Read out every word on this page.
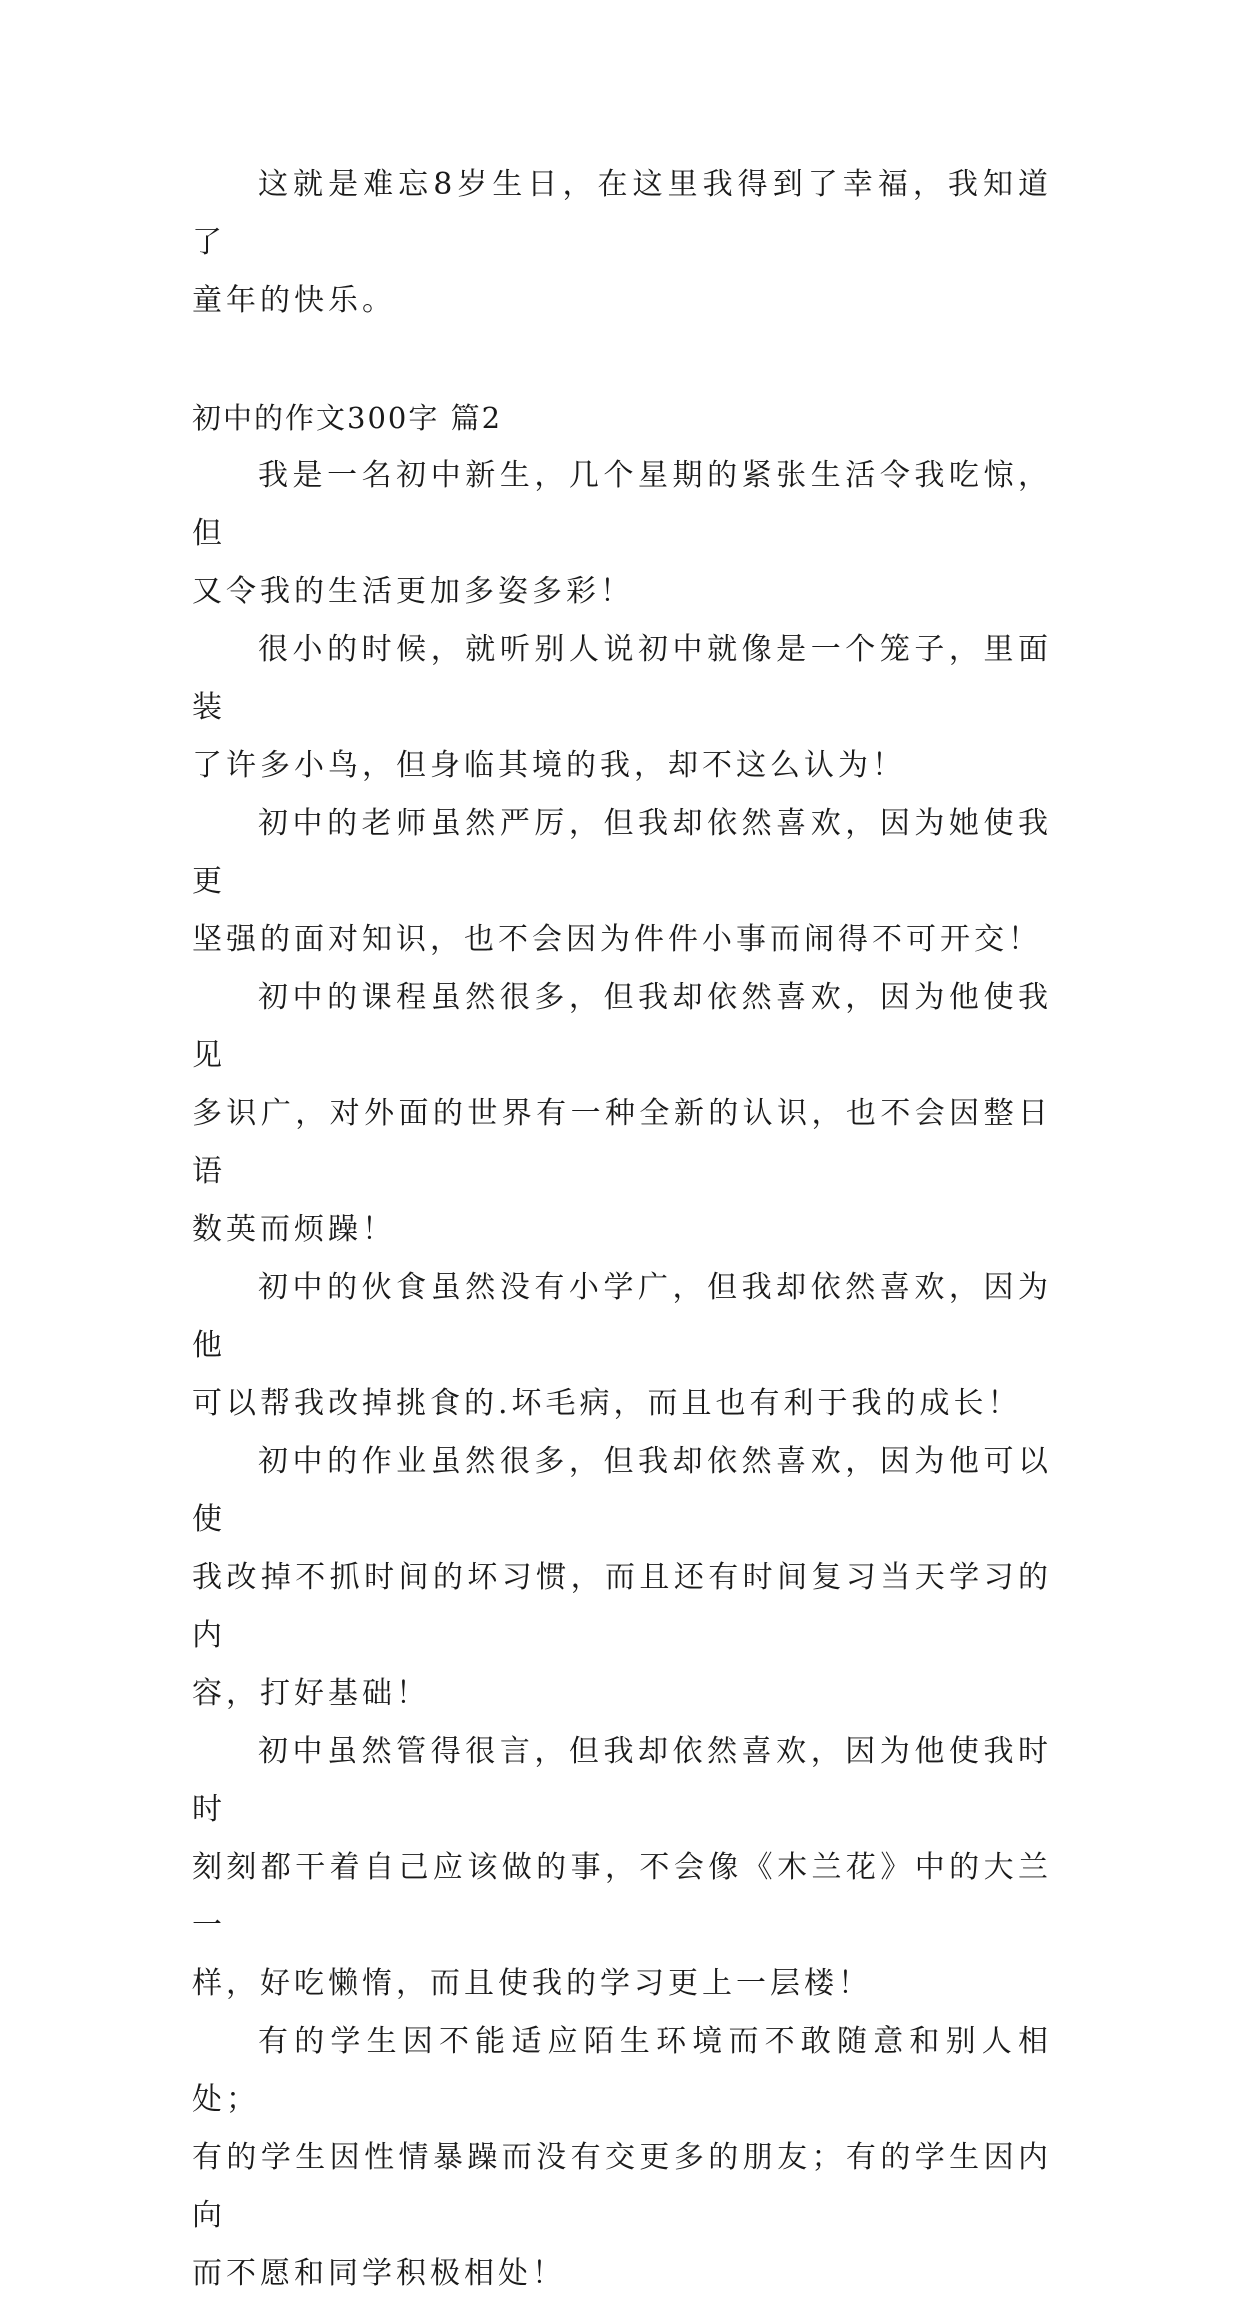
这就是难忘8岁生日，在这里我得到了幸福，我知道了
童年的快乐。

初中的作文300字 篇2

我是一名初中新生，几个星期的紧张生活令我吃惊，但
又令我的生活更加多姿多彩！

很小的时候，就听别人说初中就像是一个笼子，里面装
了许多小鸟，但身临其境的我，却不这么认为！

初中的老师虽然严厉，但我却依然喜欢，因为她使我更
坚强的面对知识，也不会因为件件小事而闹得不可开交！

初中的课程虽然很多，但我却依然喜欢，因为他使我见
多识广，对外面的世界有一种全新的认识，也不会因整日语
数英而烦躁！

初中的伙食虽然没有小学广，但我却依然喜欢，因为他
可以帮我改掉挑食的.坏毛病，而且也有利于我的成长！

初中的作业虽然很多，但我却依然喜欢，因为他可以使
我改掉不抓时间的坏习惯，而且还有时间复习当天学习的内
容，打好基础！

初中虽然管得很言，但我却依然喜欢，因为他使我时时
刻刻都干着自己应该做的事，不会像《木兰花》中的大兰一
样，好吃懒惰，而且使我的学习更上一层楼！

有的学生因不能适应陌生环境而不敢随意和别人相处；
有的学生因性情暴躁而没有交更多的朋友；有的学生因内向
而不愿和同学积极相处！
